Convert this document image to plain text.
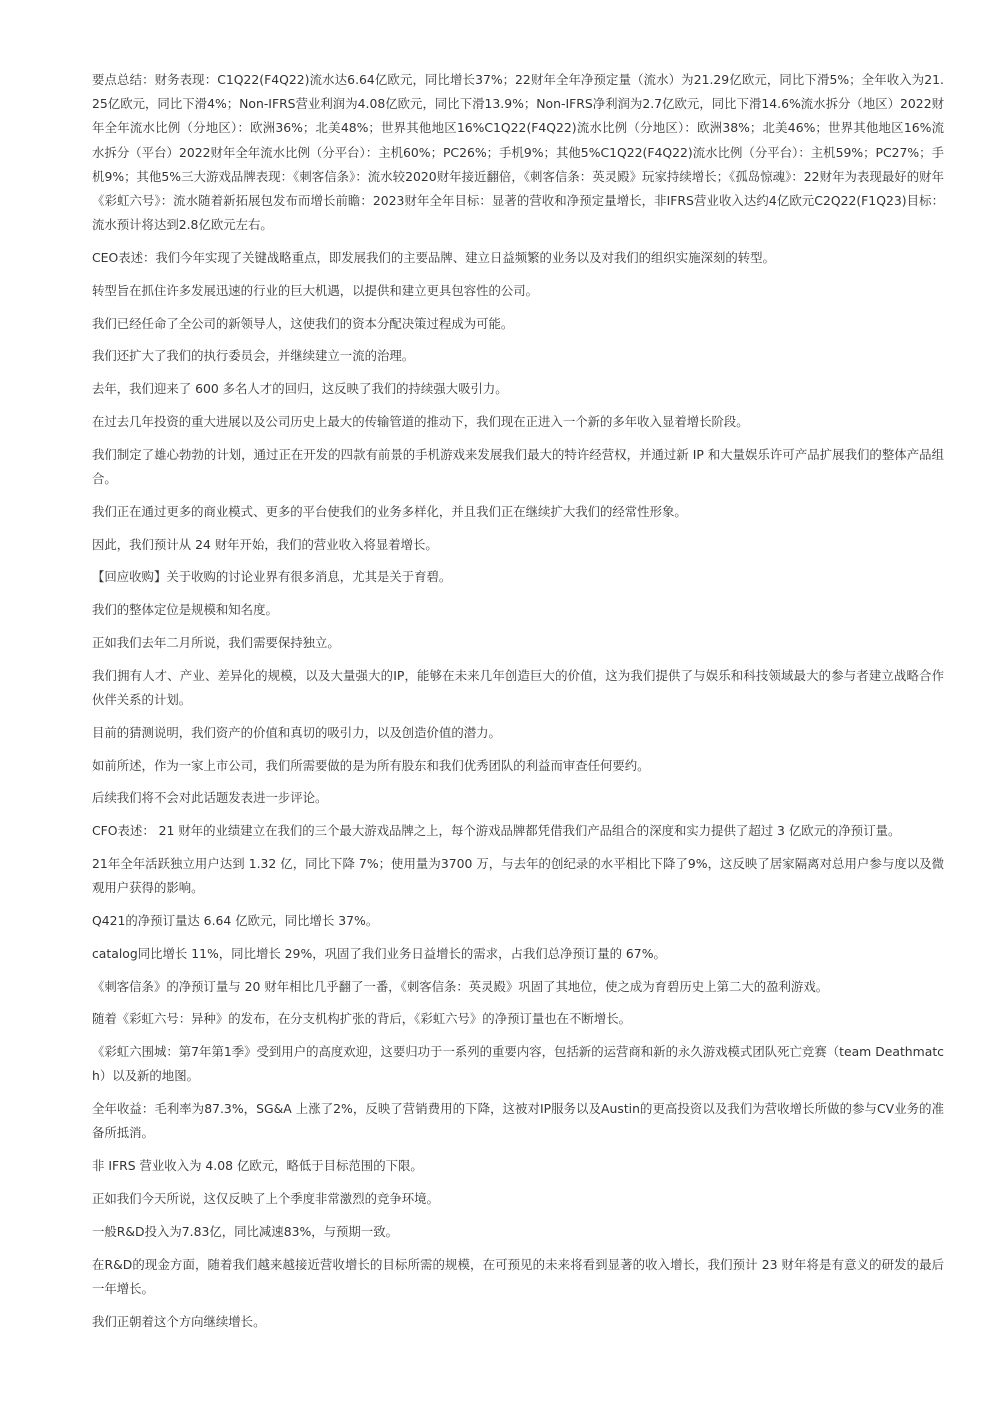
要点总结：财务表现：C1Q22(F4Q22)流水达6.64亿欧元，同比增长37%；22财年全年净预定量（流水）为21.29亿欧元，同比下滑5%；全年收入为21.25亿欧元，同比下滑4%；Non-IFRS营业利润为4.08亿欧元，同比下滑13.9%；Non-IFRS净利润为2.7亿欧元，同比下滑14.6%流水拆分（地区）2022财年全年流水比例（分地区）：欧洲36%；北美48%；世界其他地区16%C1Q22(F4Q22)流水比例（分地区）：欧洲38%；北美46%；世界其他地区16%流水拆分（平台）2022财年全年流水比例（分平台）：主机60%；PC26%；手机9%；其他5%C1Q22(F4Q22)流水比例（分平台）：主机59%；PC27%；手机9%；其他5%三大游戏品牌表现：《刺客信条》：流水较2020财年接近翻倍，《刺客信条：英灵殿》玩家持续增长；《孤岛惊魂》：22财年为表现最好的财年《彩虹六号》：流水随着新拓展包发布而增长前瞻：2023财年全年目标：显著的营收和净预定量增长，非IFRS营业收入达约4亿欧元C2Q22(F1Q23)目标：流水预计将达到2.8亿欧元左右。

CEO表述：我们今年实现了关键战略重点，即发展我们的主要品牌、建立日益频繁的业务以及对我们的组织实施深刻的转型。

转型旨在抓住许多发展迅速的行业的巨大机遇，以提供和建立更具包容性的公司。

我们已经任命了全公司的新领导人，这使我们的资本分配决策过程成为可能。

我们还扩大了我们的执行委员会，并继续建立一流的治理。

去年，我们迎来了 600 多名人才的回归，这反映了我们的持续强大吸引力。

在过去几年投资的重大进展以及公司历史上最大的传输管道的推动下，我们现在正进入一个新的多年收入显着增长阶段。

我们制定了雄心勃勃的计划，通过正在开发的四款有前景的手机游戏来发展我们最大的特许经营权，并通过新 IP 和大量娱乐许可产品扩展我们的整体产品组合。

我们正在通过更多的商业模式、更多的平台使我们的业务多样化，并且我们正在继续扩大我们的经常性形象。

因此，我们预计从 24 财年开始，我们的营业收入将显着增长。

【回应收购】关于收购的讨论业界有很多消息，尤其是关于育碧。

我们的整体定位是规模和知名度。

正如我们去年二月所说，我们需要保持独立。

我们拥有人才、产业、差异化的规模，以及大量强大的IP，能够在未来几年创造巨大的价值，这为我们提供了与娱乐和科技领域最大的参与者建立战略合作伙伴关系的计划。

目前的猜测说明，我们资产的价值和真切的吸引力，以及创造价值的潜力。

如前所述，作为一家上市公司，我们所需要做的是为所有股东和我们优秀团队的利益而审查任何要约。

后续我们将不会对此话题发表进一步评论。

CFO表述： 21 财年的业绩建立在我们的三个最大游戏品牌之上，每个游戏品牌都凭借我们产品组合的深度和实力提供了超过 3 亿欧元的净预订量。

21年全年活跃独立用户达到 1.32 亿，同比下降 7%；使用量为3700 万，与去年的创纪录的水平相比下降了9%，这反映了居家隔离对总用户参与度以及微观用户获得的影响。

Q421的净预订量达 6.64 亿欧元，同比增长 37%。

catalog同比增长 11%，同比增长 29%，巩固了我们业务日益增长的需求，占我们总净预订量的 67%。

《刺客信条》的净预订量与 20 财年相比几乎翻了一番，《刺客信条：英灵殿》巩固了其地位，使之成为育碧历史上第二大的盈利游戏。

随着《彩虹六号：异种》的发布，在分支机构扩张的背后，《彩虹六号》的净预订量也在不断增长。

《彩虹六围城：第7年第1季》受到用户的高度欢迎，这要归功于一系列的重要内容，包括新的运营商和新的永久游戏模式团队死亡竞赛（team Deathmatch）以及新的地图。

全年收益：毛利率为87.3%，SG&A 上涨了2%，反映了营销费用的下降，这被对IP服务以及Austin的更高投资以及我们为营收增长所做的参与CV业务的准备所抵消。

非 IFRS 营业收入为 4.08 亿欧元，略低于目标范围的下限。

正如我们今天所说，这仅反映了上个季度非常激烈的竞争环境。

一般R&D投入为7.83亿，同比减速83%，与预期一致。

在R&D的现金方面，随着我们越来越接近营收增长的目标所需的规模，在可预见的未来将看到显著的收入增长，我们预计 23 财年将是有意义的研发的最后一年增长。

我们正朝着这个方向继续增长。
